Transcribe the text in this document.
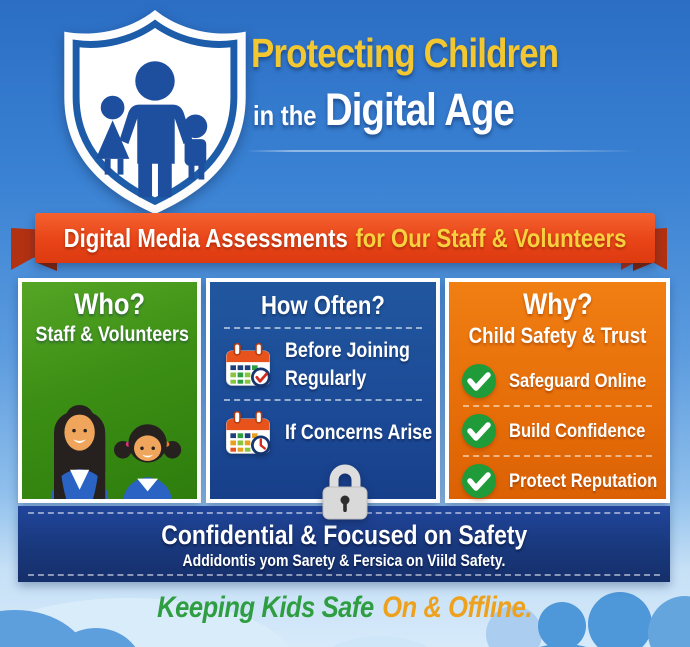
Protecting Children
in the Digital Age
Digital Media Assessments for Our Staff & Volunteers
Who?
Staff & Volunteers
How Often?
Before Joining
Regularly
If Concerns Arise
Why?
Child Safety & Trust
Safeguard Online
Build Confidence
Protect Reputation
Confidential & Focused on Safety
Addidontis yom Sarety & Fersica on Viild Safety.
Keeping Kids Safe On & Offline.
